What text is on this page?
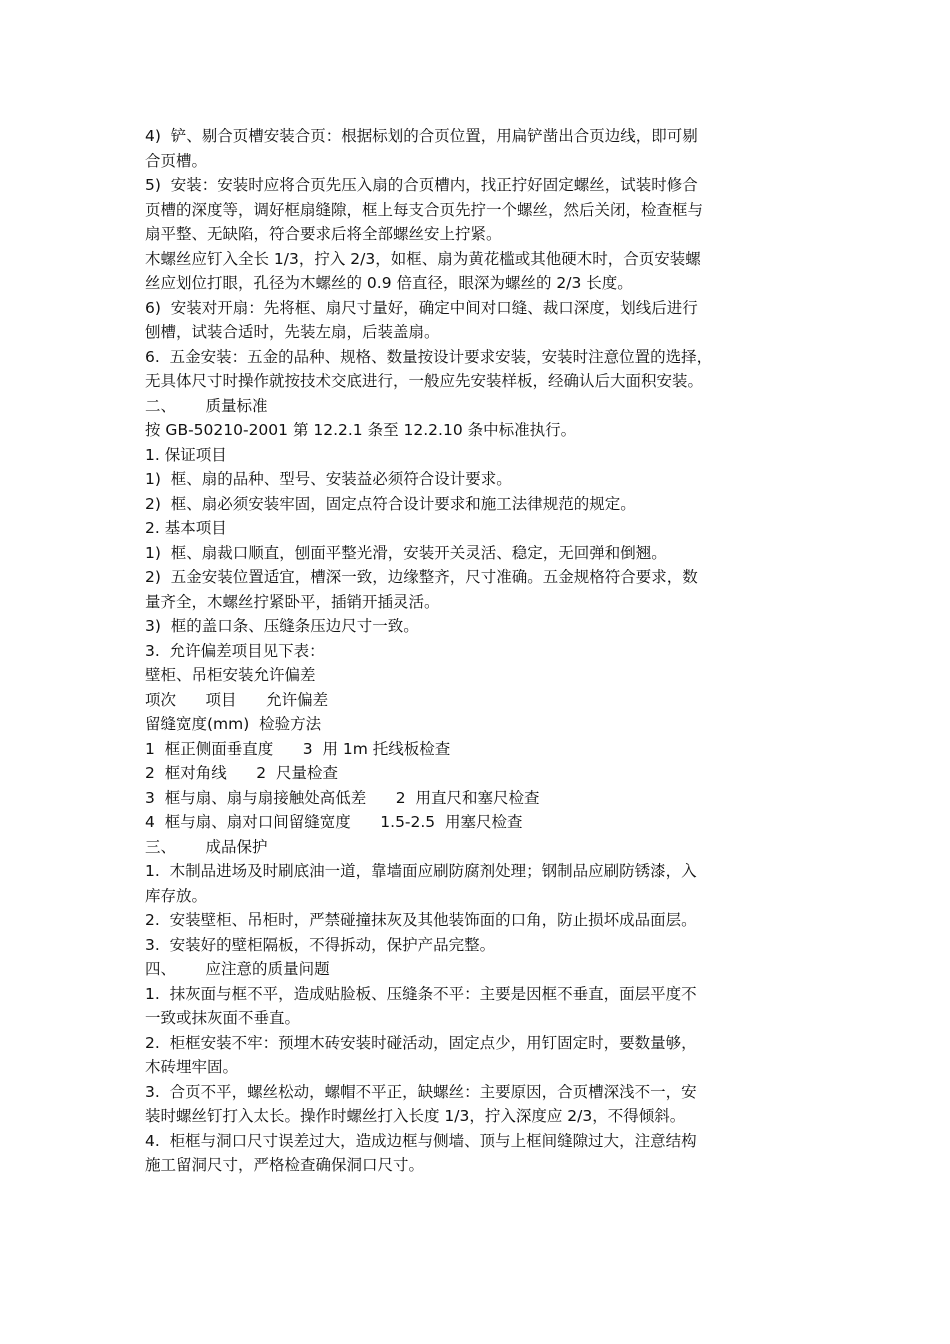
4)  铲、剔合页槽安装合页：根据标划的合页位置，用扁铲凿出合页边线，即可剔
合页槽。
5)  安装：安装时应将合页先压入扇的合页槽内，找正拧好固定螺丝，试装时修合
页槽的深度等，调好框扇缝隙，框上每支合页先拧一个螺丝，然后关闭，检查框与
扇平整、无缺陷，符合要求后将全部螺丝安上拧紧。
木螺丝应钉入全长 1/3，拧入 2/3，如框、扇为黄花槛或其他硬木时，合页安装螺
丝应划位打眼，孔径为木螺丝的 0.9 倍直径，眼深为螺丝的 2/3 长度。
6)  安装对开扇：先将框、扇尺寸量好，确定中间对口缝、裁口深度，划线后进行
刨槽，试装合适时，先装左扇，后装盖扇。
6.  五金安装：五金的品种、规格、数量按设计要求安装，安装时注意位置的选择，
无具体尺寸时操作就按技术交底进行，一般应先安装样板，经确认后大面积安装。
二、      质量标准
按 GB-50210-2001 第 12.2.1 条至 12.2.10 条中标准执行。
1. 保证项目
1)  框、扇的品种、型号、安装益必须符合设计要求。
2)  框、扇必须安装牢固，固定点符合设计要求和施工法律规范的规定。
2. 基本项目
1)  框、扇裁口顺直，刨面平整光滑，安装开关灵活、稳定，无回弹和倒翘。
2)  五金安装位置适宜，槽深一致，边缘整齐，尺寸准确。五金规格符合要求，数
量齐全，木螺丝拧紧卧平，插销开插灵活。
3)  框的盖口条、压缝条压边尺寸一致。
3.  允许偏差项目见下表：
壁柜、吊柜安装允许偏差
项次      项目      允许偏差
留缝宽度(mm)  检验方法
1  框正侧面垂直度      3  用 1m 托线板检查
2  框对角线      2  尺量检查
3  框与扇、扇与扇接触处高低差      2  用直尺和塞尺检查
4  框与扇、扇对口间留缝宽度      1.5-2.5  用塞尺检查
三、      成品保护
1.  木制品进场及时刷底油一道，靠墙面应刷防腐剂处理；钢制品应刷防锈漆，入
库存放。
2.  安装壁柜、吊柜时，严禁碰撞抹灰及其他装饰面的口角，防止损坏成品面层。
3.  安装好的壁柜隔板，不得拆动，保护产品完整。
四、      应注意的质量问题
1.  抹灰面与框不平，造成贴脸板、压缝条不平：主要是因框不垂直，面层平度不
一致或抹灰面不垂直。
2.  柜框安装不牢：预埋木砖安装时碰活动，固定点少，用钉固定时，要数量够，
木砖埋牢固。
3.  合页不平，螺丝松动，螺帽不平正，缺螺丝：主要原因，合页槽深浅不一，安
装时螺丝钉打入太长。操作时螺丝打入长度 1/3，拧入深度应 2/3，不得倾斜。
4.  柜框与洞口尺寸误差过大，造成边框与侧墙、顶与上框间缝隙过大，注意结构
施工留洞尺寸，严格检查确保洞口尺寸。
